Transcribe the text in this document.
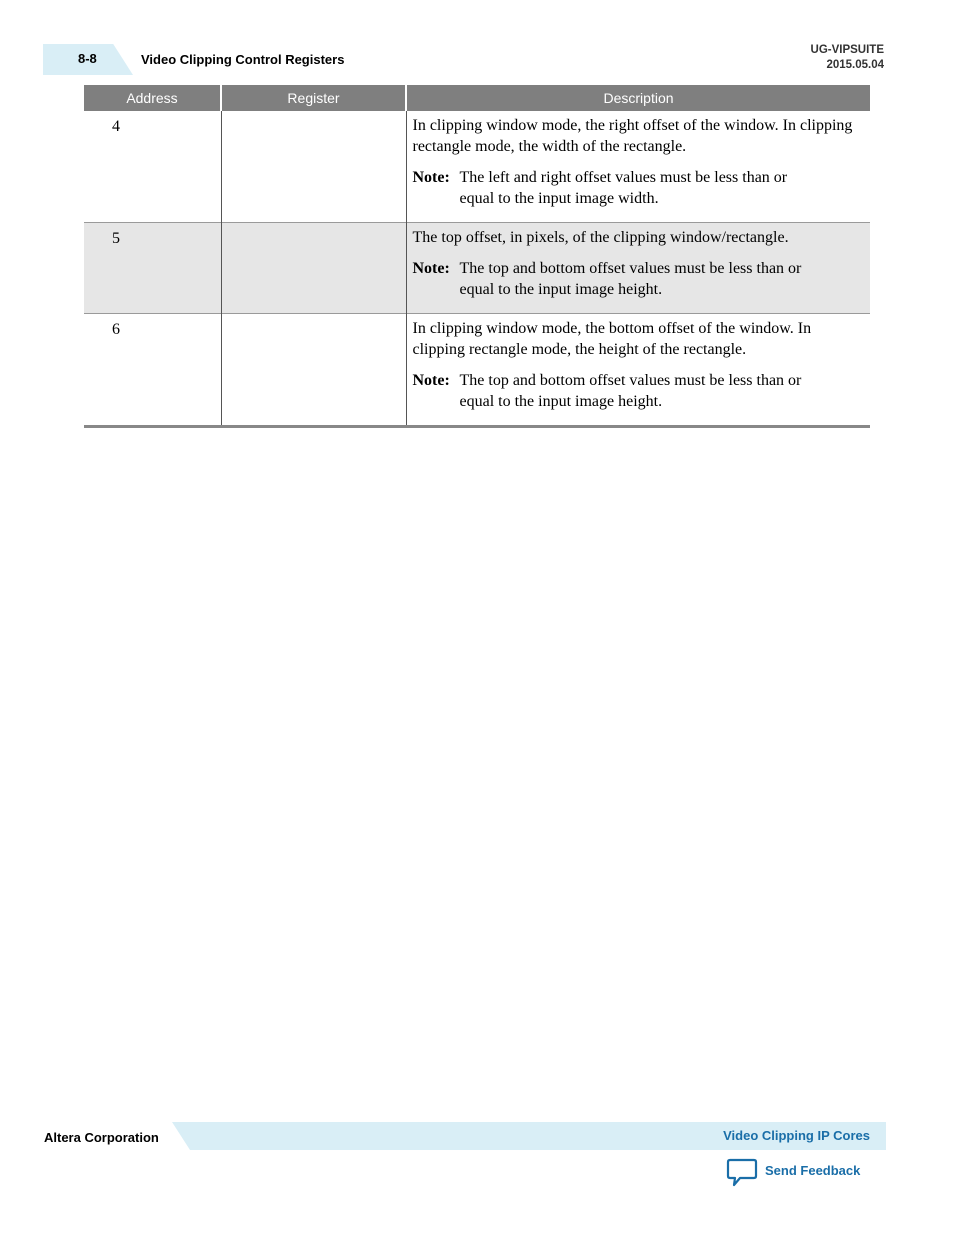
8-8	Video Clipping Control Registers
UG-VIPSUITE
2015.05.04
Address	Register	Description
4		In clipping window mode, the right offset of the window. In clipping rectangle mode, the width of the rectangle.

Note: The left and right offset values must be less than or equal to the input image width.

5		The top offset, in pixels, of the clipping window/rectangle.

Note: The top and bottom offset values must be less than or equal to the input image height.

6		In clipping window mode, the bottom offset of the window. In clipping rectangle mode, the height of the rectangle.

Note: The top and bottom offset values must be less than or equal to the input image height.
Altera Corporation	Video Clipping IP Cores
Send Feedback
